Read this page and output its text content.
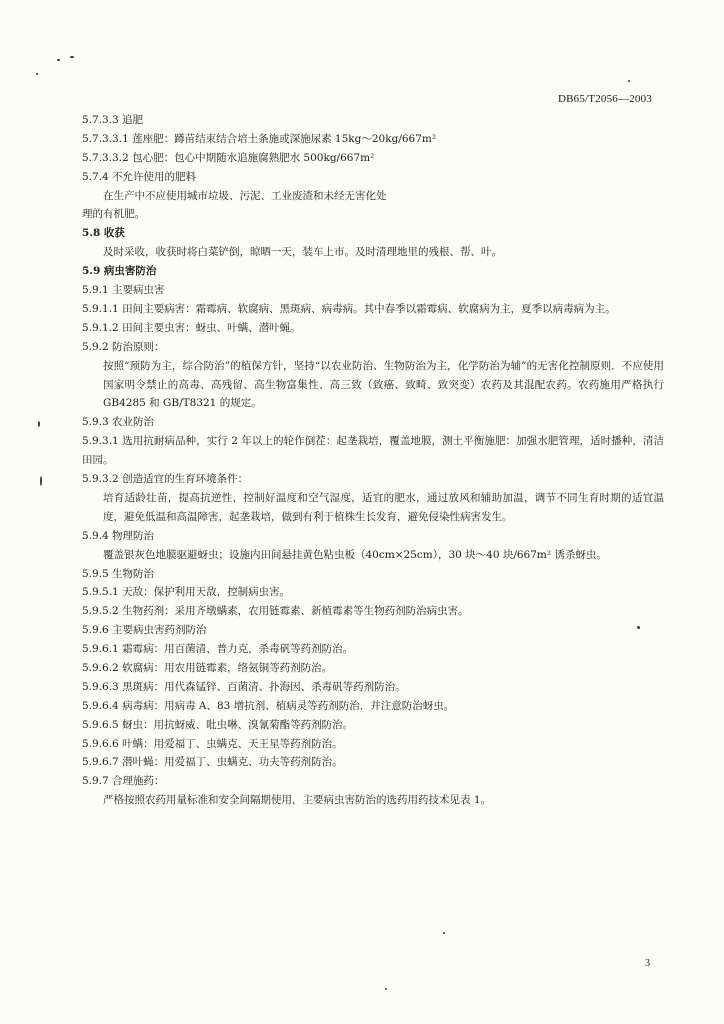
DB65/T2056—2003
5.7.3.3 追肥
5.7.3.3.1 莲座肥：蹲苗结束结合培土条施或深施尿素 15kg～20kg/667m²
5.7.3.3.2 包心肥：包心中期随水追施腐熟肥水 500kg/667m²
5.7.4 不允许使用的肥料
在生产中不应使用城市垃圾、污泥、工业废渣和未经无害化处
理的有机肥。
5.8 收获
及时采收，收获时将白菜铲倒，晾晒一天，装车上市。及时清理地里的残根、帮、叶。
5.9 病虫害防治
5.9.1 主要病虫害
5.9.1.1 田间主要病害：霜霉病、软腐病、黑斑病、病毒病。其中春季以霜霉病、软腐病为主，夏季以病毒病为主。
5.9.1.2 田间主要虫害：蚜虫、叶螨、潜叶蝇。
5.9.2 防治原则：
按照“预防为主，综合防治”的植保方针，坚持“以农业防治、生物防治为主，化学防治为辅”的无害化控制原则．不应使用国家明令禁止的高毒、高残留、高生物富集性、高三致（致癌、致畸、致突变）农药及其混配农药。农药施用严格执行 GB4285 和 GB/T8321 的规定。
5.9.3 农业防治
5.9.3.1 选用抗耐病品种，实行 2 年以上的轮作倒茬：起垄栽培，覆盖地膜，测土平衡施肥：加强水肥管理，适时播种，清洁田园。
5.9.3.2 创造适宜的生育环境条件：
培育适龄壮苗，提高抗逆性，控制好温度和空气湿度，适宜的肥水，通过放风和辅助加温，调节不同生育时期的适宜温度，避免低温和高温障害，起垄栽培，做到有利于植株生长发育，避免侵染性病害发生。
5.9.4 物理防治
覆盖银灰色地膜驱避蚜虫；设施内田间悬挂黄色粘虫板（40cm×25cm），30 块～40 块/667m² 诱杀蚜虫。
5.9.5 生物防治
5.9.5.1 天敌：保护利用天敌，控制病虫害。
5.9.5.2 生物药剂：采用齐墩螨素，农用链霉素、新植霉素等生物药剂防治病虫害。
5.9.6 主要病虫害药剂防治
5.9.6.1 霜霉病：用百菌清、普力克，杀毒矾等药剂防治。
5.9.6.2 软腐病：用农用链霉素，络氨铜等药剂防治。
5.9.6.3 黑斑病：用代森锰锌、百菌清、扑海因、杀毒矾等药剂防治。
5.9.6.4 病毒病：用病毒 A、83 增抗剂、植病灵等药剂防治．并注意防治蚜虫。
5.9.6.5 蚜虫：用抗蚜威、吡虫啉、溴氰菊酯等药剂防治。
5.9.6.6 叶螨：用爱福丁、虫螨克、天王星等药剂防治。
5.9.6.7 潜叶蝇：用爱福丁、虫螨克、功夫等药剂防治。
5.9.7 合理施药：
严格按照农药用量标准和安全间隔期使用，主要病虫害防治的选药用药技术见表 1。
3
